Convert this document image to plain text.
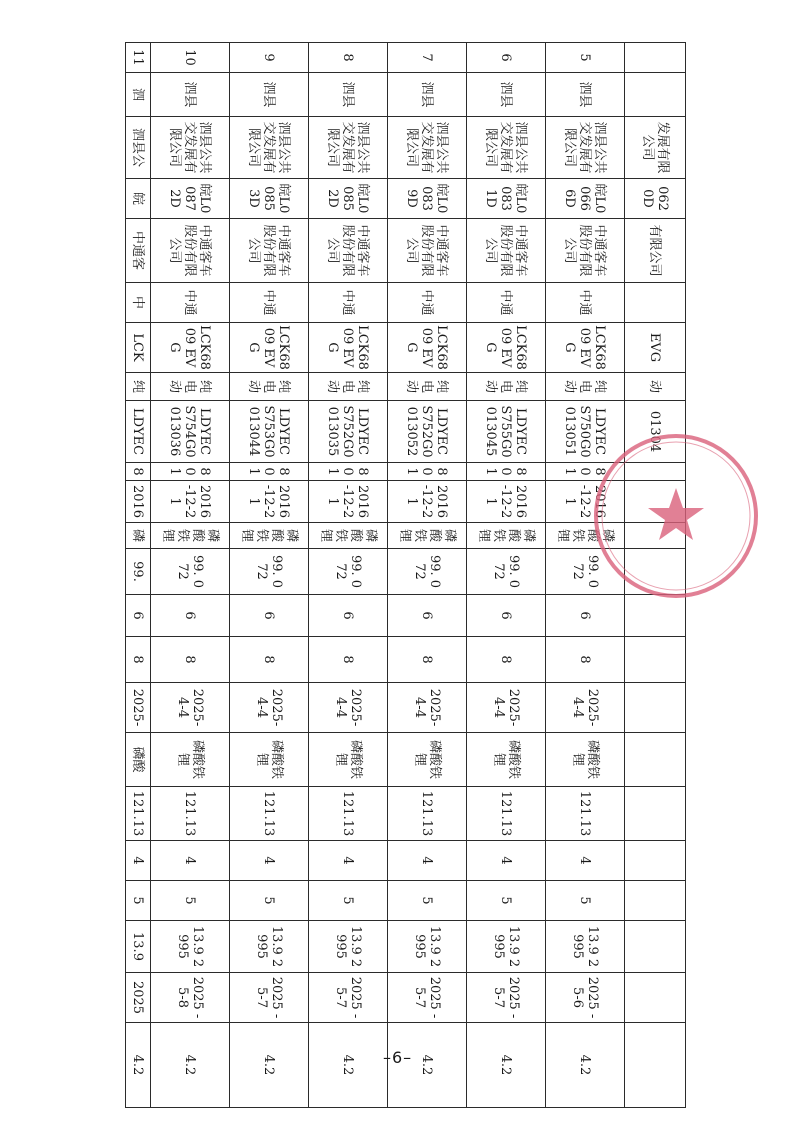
		发展有限公司	062 0D	有限公司		EVG	动	01304														
5	泗县	泗县公共交发展有限公司	皖L0066 6D	中通客车股份有限公司	中通	LCK6809 EVG	纯电动	LDYEC S750G0 013051	8 0 1	2016 -12-2 1	磷酸铁锂	99. 072	6	8	2025- 4-4	磷酸铁锂	121.13	4	5	13.9 2995	2025 -5-6	4.2
6	泗县	泗县公共交发展有限公司	皖L0083 1D	中通客车股份有限公司	中通	LCK6809 EVG	纯电动	LDYEC S755G0 013045	8 0 1	2016 -12-2 1	磷酸铁锂	99. 072	6	8	2025- 4-4	磷酸铁锂	121.13	4	5	13.9 2995	2025 -5-7	4.2
7	泗县	泗县公共交发展有限公司	皖L0083 9D	中通客车股份有限公司	中通	LCK6809 EVG	纯电动	LDYEC S752G0 013052	8 0 1	2016 -12-2 1	磷酸铁锂	99. 072	6	8	2025- 4-4	磷酸铁锂	121.13	4	5	13.9 2995	2025 -5-7	4.2
8	泗县	泗县公共交发展有限公司	皖L0085 2D	中通客车股份有限公司	中通	LCK6809 EVG	纯电动	LDYEC S752G0 013035	8 0 1	2016 -12-2 1	磷酸铁锂	99. 072	6	8	2025- 4-4	磷酸铁锂	121.13	4	5	13.9 2995	2025 -5-7	4.2
9	泗县	泗县公共交发展有限公司	皖L0085 3D	中通客车股份有限公司	中通	LCK6809 EVG	纯电动	LDYEC S753G0 013044	8 0 1	2016 -12-2 1	磷酸铁锂	99. 072	6	8	2025- 4-4	磷酸铁锂	121.13	4	5	13.9 2995	2025 -5-7	4.2
10	泗县	泗县公共交发展有限公司	皖L0087 2D	中通客车股份有限公司	中通	LCK6809 EVG	纯电动	LDYEC S754G0 013036	8 0 1	2016 -12-2 1	磷酸铁锂	99. 072	6	8	2025- 4-4	磷酸铁锂	121.13	4	5	13.9 2995	2025 -5-8	4.2
11	泗	泗县公	皖	中通客	中	LCK	纯	LDYEC	8	2016	磷	99.	6	8	2025-	磷酸	121.13	4	5	13.9	2025	4.2	–6–
